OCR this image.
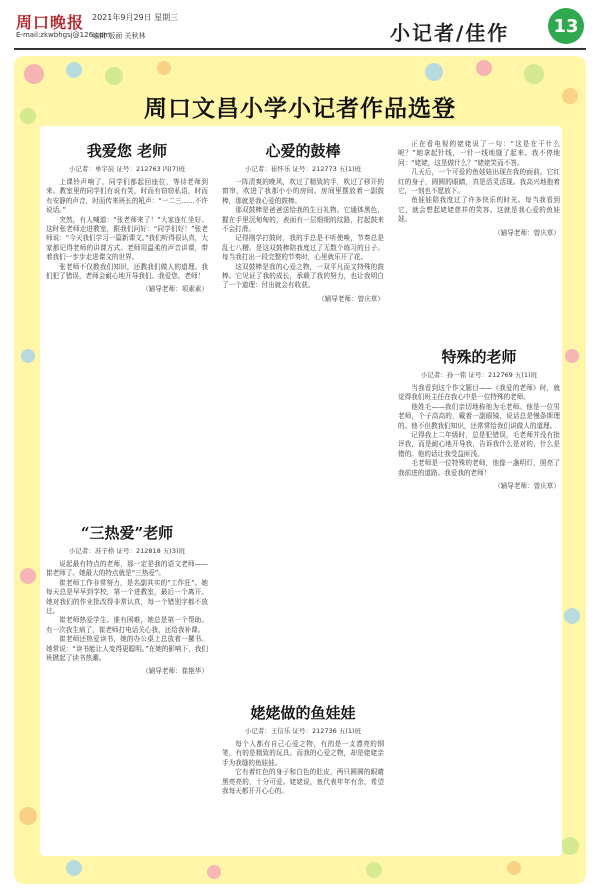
周口晚报 2021年9月29日 星期三
E-mail:zkwbhgsj@126.com
编辑 版面 关秋林	小记者/佳作	13
周口文昌小学小记者作品选登
我爱您 老师
小记者：单宇辰 证号：212763 四(7)班

上课铃声响了，同学们都起回座位，等待老师到来。教室里的同学们有说有笑，时而有窃窃私语，时而有安静的声音，时而传来班长的吼声：“一二三……不许说话。”

突然，有人喊道：“张老师来了！”大家连忙坐好。这时张老师走进教室，跟我们问好：“同学们好！”张老师说：“今天我们学习一篇新课文。”我们听得很认真，大家都记得老师的讲课方式。老师用温柔的声音讲课，带着我们一步步走进课文的世界。

张老师不仅教我们知识，还教我们做人的道理。我们犯了错误，老师会耐心地开导我们。我爱您，老师！

（辅导老师：项素素）
“三热爱”老师
小记者：苏子格 证号：212818 五(3)班

说起最有特点的老师，那一定是我的语文老师——崔老师了。她最大的特点就是“三热爱”。

崔老师工作非常努力，是名副其实的“工作狂”。她每天总是早早到学校，第一个进教室，最后一个离开。她对我们的作业批改得非常认真，每一个错别字都不放过。

崔老师热爱学生。谁有困难，她总是第一个帮助。有一次我生病了，崔老师打电话关心我，还给我补课。

崔老师还热爱读书，她的办公桌上总放着一摞书。她常说：“读书能让人变得更聪明。”在她的影响下，我们班掀起了读书热潮。

（辅导老师：崔艳华）
心爱的鼓棒
小记者：崔怀乐 证号：212773 五(1)班

一阵清爽的晚风，吹过了精致的手，吹过了移开的窗帘，吹进了我那小小的房间。房间里摆放着一副鼓棒，那就是我心爱的鼓棒。

那双鼓棒是爸爸送给我的生日礼物。它通体黑色，握在手里沉甸甸的，表面有一层细细的纹路，打起鼓来不会打滑。

记得刚学打鼓时，我的手总是不听使唤，节奏总是乱七八糟。是这双鼓棒陪我度过了无数个练习的日子。每当我打出一段完整的节奏时，心里就乐开了花。

这双鼓棒是我的心爱之物，一双平凡而又特殊的鼓棒。它见证了我的成长，承载了我的努力，也让我明白了一个道理：付出就会有收获。

（辅导老师：曾庆草）
姥姥做的鱼娃娃
小记者：王信乐 证号：212736 五(1)班

每个人都有自己心爱之物，有的是一支漂亮的钢笔，有的是精致的玩具。而我的心爱之物，却是姥姥亲手为我缝的鱼娃娃。

它有着红色的身子和白色的肚皮，两只圆圆的眼睛黑亮亮的，十分可爱。姥姥说，鱼代表年年有余，希望我每天都开开心心的。

正在看电视的姥姥说了一句：“这是在干什么呢？”她拿起针线，一针一线地缝了起来。我不停地问：“姥姥，这是做什么？”姥姥笑而不答。

几天后，一个可爱的鱼娃娃出现在我的面前。它红红的身子，圆圆的眼睛，真是活灵活现。我高兴地抱着它，一刻也不愿放下。

鱼娃娃陪我度过了许多快乐的时光。每当我看到它，就会想起姥姥慈祥的笑容。这就是我心爱的鱼娃娃。

（辅导老师：曾庆草）
特殊的老师
小记者：孙一铭 证号：212769 五(1)班

当我看到这个作文题目——《我爱的老师》时，就觉得我们班主任在我心中是一位特殊的老师。

他姓毛——我们亲切地称他为毛老师。他是一位男老师，个子高高的，戴着一副眼镜，说话总是慢条斯理的。他不但教我们知识，还常常给我们讲做人的道理。

记得我上二年级时，总是犯错误，毛老师并没有批评我，而是耐心地开导我，告诉我什么是对的，什么是错的。他的话让我受益匪浅。

毛老师是一位特殊的老师，他像一盏明灯，照亮了我前进的道路。我爱我的老师！

（辅导老师：曾庆草）
